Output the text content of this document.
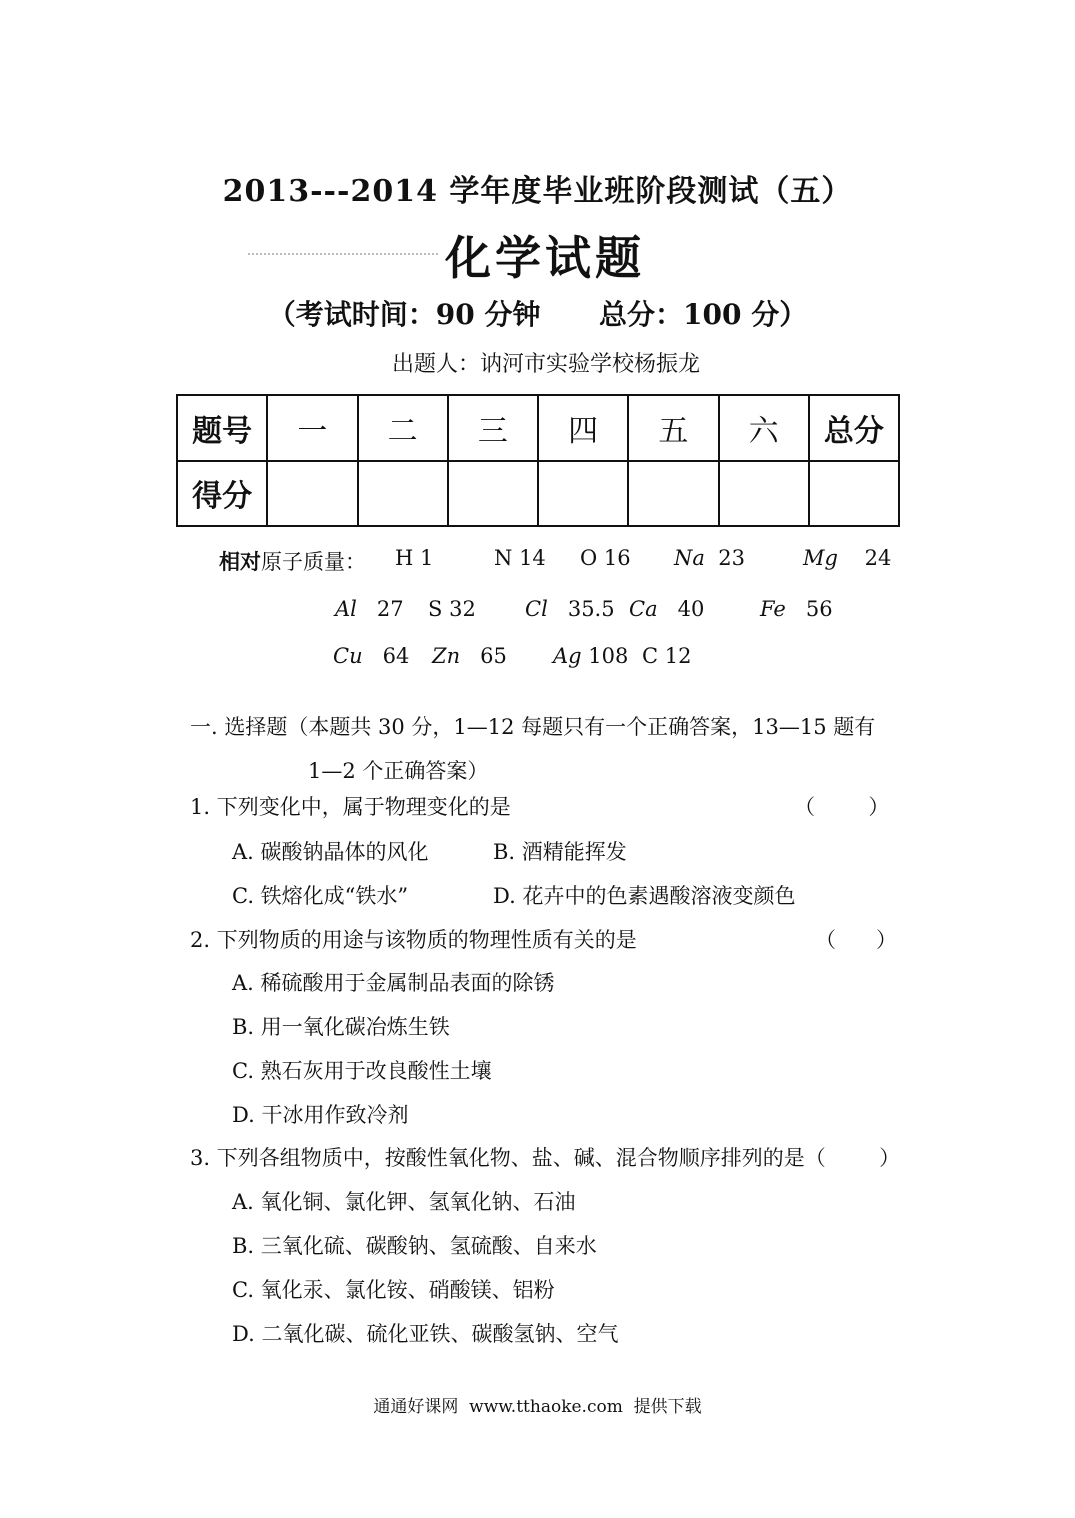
2013---2014 学年度毕业班阶段测试（五）
化学试题
（考试时间：90 分钟      总分：100 分）
出题人：讷河市实验学校杨振龙
题号	一	二	三	四	五	六	总分
得分							
相对原子质量： H 1	N 14 O 16 Na 23	Mg 24
Al 27 S 32 Cl 35.5 Ca 40	Fe 56
Cu 64 Zn 65 Ag 108 C 12
一. 选择题（本题共 30 分，1—12 每题只有一个正确答案，13—15 题有
1—2 个正确答案）
1. 下列变化中，属于物理变化的是	（        ）
A. 碳酸钠晶体的风化	B. 酒精能挥发
C. 铁熔化成“铁水”	D. 花卉中的色素遇酸溶液变颜色
2. 下列物质的用途与该物质的物理性质有关的是	（      ）
A. 稀硫酸用于金属制品表面的除锈
B. 用一氧化碳冶炼生铁
C. 熟石灰用于改良酸性土壤
D. 干冰用作致冷剂
3. 下列各组物质中，按酸性氧化物、盐、碱、混合物顺序排列的是（        ）
A. 氧化铜、氯化钾、氢氧化钠、石油
B. 三氧化硫、碳酸钠、氢硫酸、自来水
C. 氧化汞、氯化铵、硝酸镁、铝粉
D. 二氧化碳、硫化亚铁、碳酸氢钠、空气
通通好课网  www.tthaoke.com  提供下载
